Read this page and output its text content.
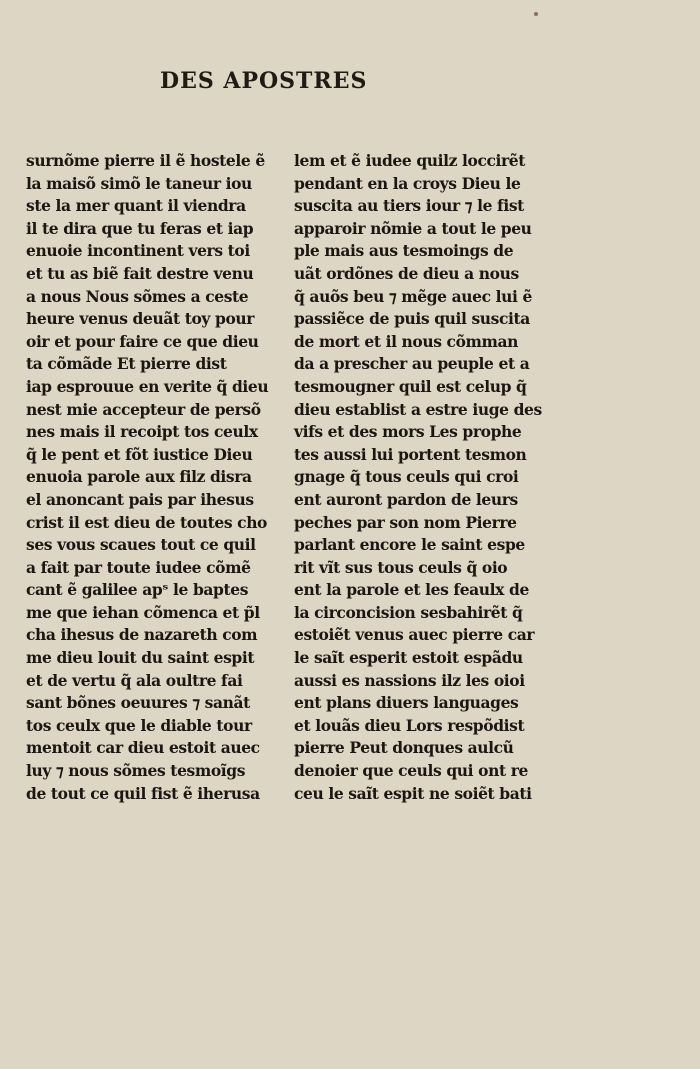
DES APOSTRES
surnõme pierre il ẽ hostele ẽ
la maisõ simõ le taneur iou
ste la mer quant il viendra
il te dira que tu feras et iap
enuoie incontinent vers toi
et tu as biẽ fait destre venu
a nous Nous sõmes a ceste
heure venus deuãt toy pour
oir et pour faire ce que dieu
ta cõmãde Et pierre dist
iap esprouue en verite q̃ dieu
nest mie accepteur de persõ
nes mais il recoipt tos ceulx
q̃ le pent et fõt iustice Dieu
enuoia parole aux filz disra
el anoncant pais par ihesus
crist il est dieu de toutes cho
ses vous scaues tout ce quil
a fait par toute iudee cõmẽ
cant ẽ galilee apˢ le baptes
me que iehan cõmenca et p̃l
cha ihesus de nazareth com
me dieu louit du saint espit
et de vertu q̃ ala oultre fai
sant bõnes oeuures ⁊ sanãt
tos ceulx que le diable tour
mentoit car dieu estoit auec
luy ⁊ nous sõmes tesmoĩgs
de tout ce quil fist ẽ iherusa
lem et ẽ iudee quilz loccirẽt
pendant en la croys Dieu le
suscita au tiers iour ⁊ le fist
apparoir nõmie a tout le peu
ple mais aus tesmoings de
uãt ordõnes de dieu a nous
q̃ auõs beu ⁊ mẽge auec lui ẽ
passiẽce de puis quil suscita
de mort et il nous cõmman
da a prescher au peuple et a
tesmougner quil est celup q̃
dieu establist a estre iuge des
vifs et des mors Les prophe
tes aussi lui portent tesmon
gnage q̃ tous ceuls qui croi
ent auront pardon de leurs
peches par son nom Pierre
parlant encore le saint espe
rit vĩt sus tous ceuls q̃ oio
ent la parole et les feaulx de
la circoncision sesbahirẽt q̃
estoiẽt venus auec pierre car
le saĩt esperit estoit espãdu
aussi es nassions ilz les oioi
ent plans diuers languages
et louãs dieu Lors respõdist
pierre Peut donques aulcũ
denoier que ceuls qui ont re
ceu le saĩt espit ne soiẽt bati
